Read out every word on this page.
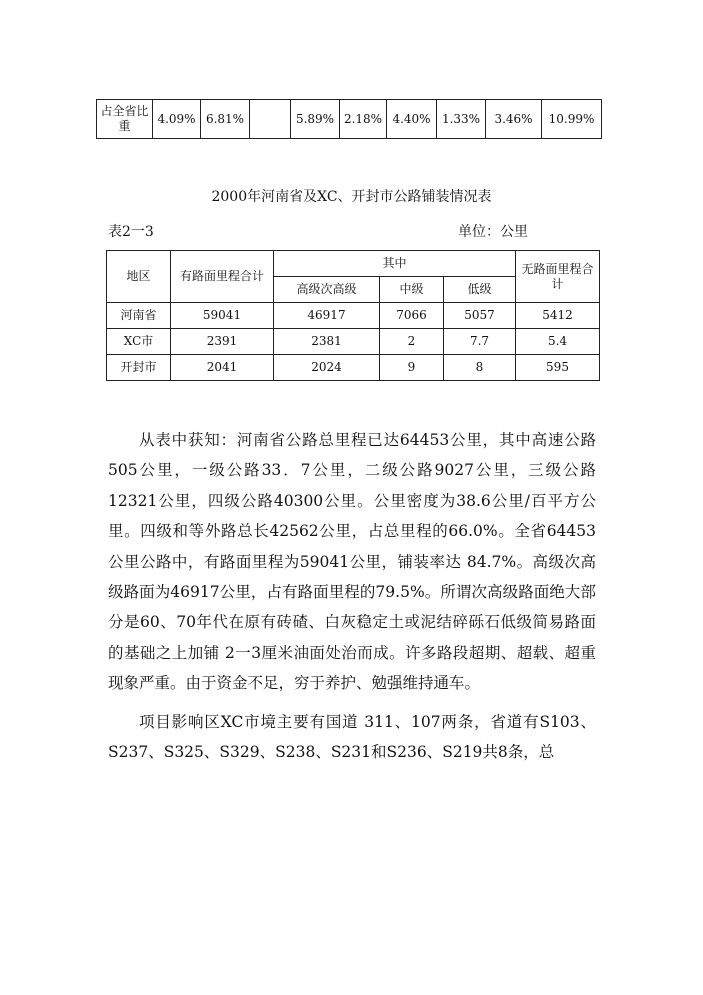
占全省比重	4.09%	6.81%		5.89%	2.18%	4.40%	1.33%	3.46%	10.99%
2000年河南省及XC、开封市公路铺装情况表
表2一3	单位：公里
地区	有路面里程合计	其中			无路面里程合计
		高级次高级	中级	低级	
河南省	59041	46917	7066	5057	5412
XC市	2391	2381	2	7.7	5.4
开封市	2041	2024	9	8	595

从表中获知：河南省公路总里程已达64453公里，其中高速公路505公里，一级公路33．7公里，二级公路9027公里，三级公路12321公里，四级公路40300公里。公里密度为38.6公里/百平方公里。四级和等外路总长42562公里，占总里程的66.0%。全省64453公里公路中，有路面里程为59041公里，铺装率达 84.7%。高级次高级路面为46917公里，占有路面里程的79.5%。所谓次高级路面绝大部分是60、70年代在原有砖碴、白灰稳定土或泥结碎砾石低级简易路面的基础之上加铺 2一3厘米油面处治而成。许多路段超期、超载、超重现象严重。由于资金不足，穷于养护、勉强维持通车。

项目影响区XC市境主要有国道 311、107两条，省道有S103、S237、S325、S329、S238、S231和S236、S219共8条，总
